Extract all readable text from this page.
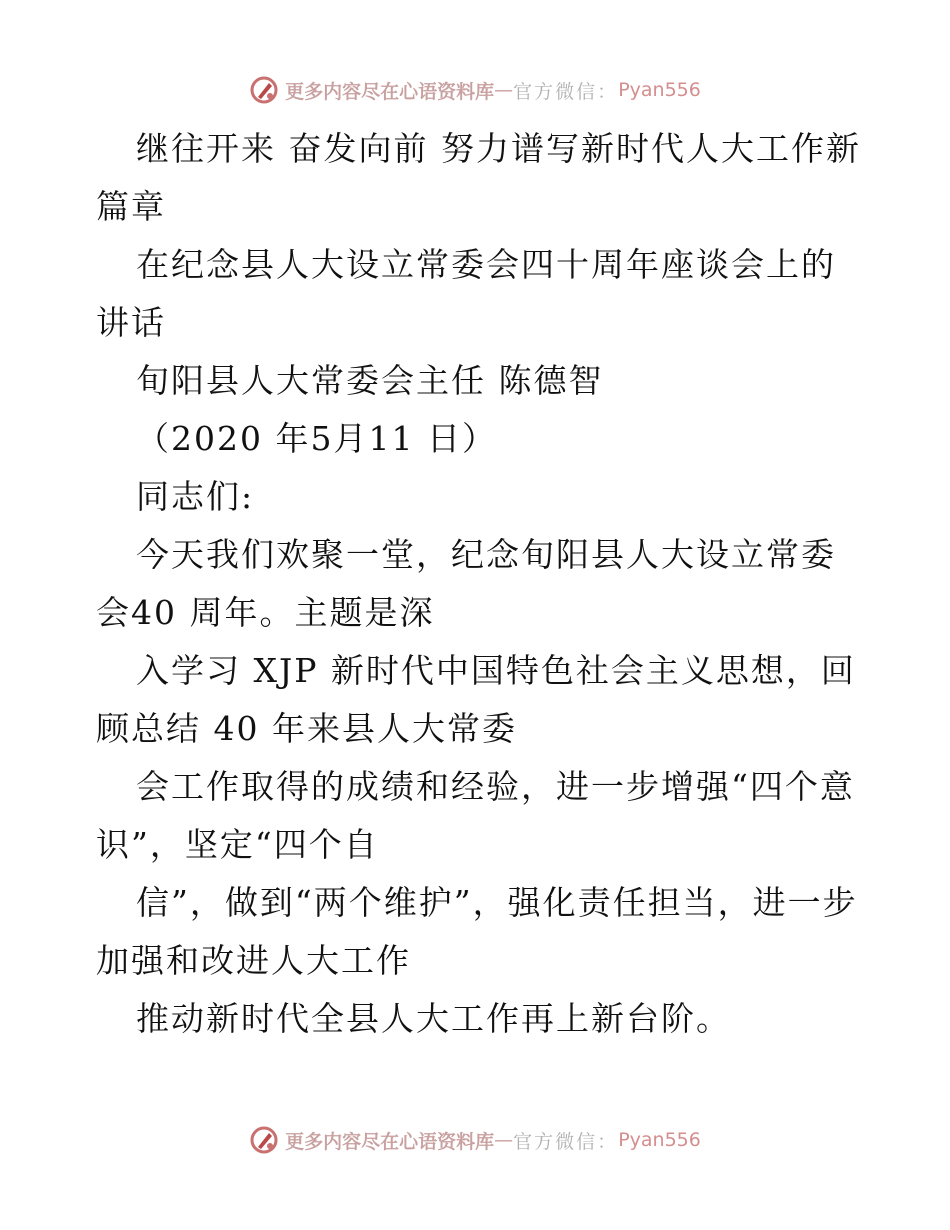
更多内容尽在心语资料库 — 官方微信： Pyan556

继往开来 奋发向前 努力谱写新时代人大工作新篇章

在纪念县人大设立常委会四十周年座谈会上的讲话

旬阳县人大常委会主任 陈德智

（2020 年5月11 日）

同志们:

今天我们欢聚一堂，纪念旬阳县人大设立常委会40 周年。主题是深

入学习 XJP 新时代中国特色社会主义思想，回顾总结 40 年来县人大常委

会工作取得的成绩和经验，进一步增强“四个意识”，坚定“四个自

信”，做到“两个维护”，强化责任担当，进一步加强和改进人大工作

推动新时代全县人大工作再上新台阶。

更多内容尽在心语资料库 — 官方微信： Pyan556
